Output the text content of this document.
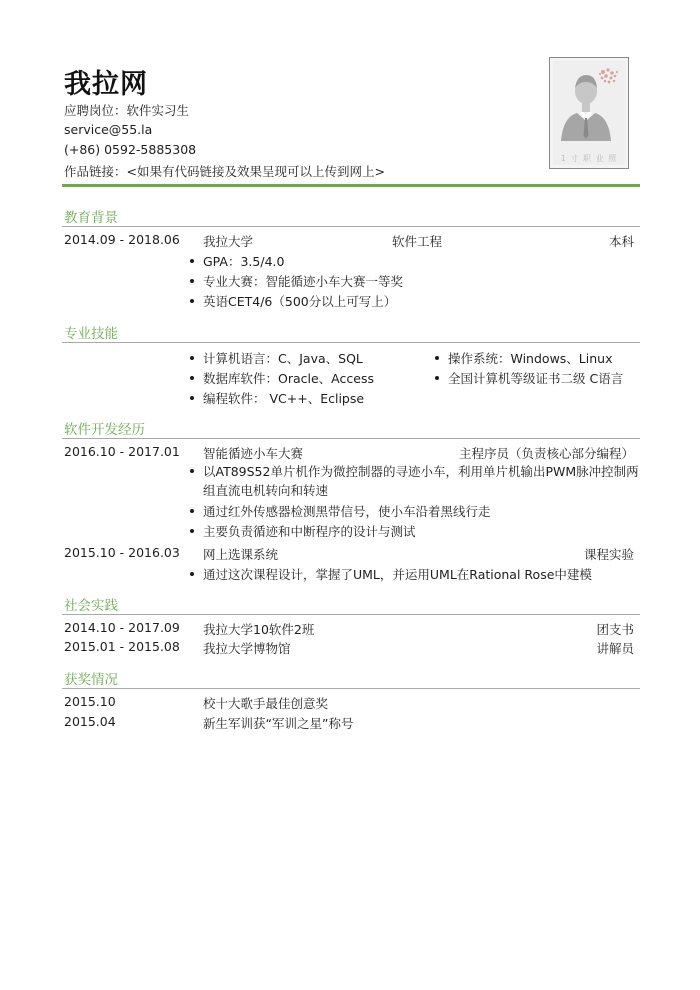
我拉网
应聘岗位：软件实习生
service@55.la
(+86) 0592-5885308
作品链接：<如果有代码链接及效果呈现可以上传到网上>
1 寸 职 业 照
教育背景
2014.09 - 2018.06 我拉大学	软件工程	本科
GPA：3.5/4.0
专业大赛：智能循迹小车大赛一等奖
英语CET4/6（500分以上可写上）
专业技能
计算机语言：C、Java、SQL
数据库软件：Oracle、Access
编程软件： VC++、Eclipse
操作系统：Windows、Linux
全国计算机等级证书二级 C语言
软件开发经历
2016.10 - 2017.01 智能循迹小车大赛	主程序员（负责核心部分编程）
以AT89S52单片机作为微控制器的寻迹小车，利用单片机输出PWM脉冲控制两组直流电机转向和转速
通过红外传感器检测黑带信号，使小车沿着黑线行走
主要负责循迹和中断程序的设计与测试
2015.10 - 2016.03 网上选课系统	课程实验
通过这次课程设计，掌握了UML，并运用UML在Rational Rose中建模
社会实践
2014.10 - 2017.09 我拉大学10软件2班	团支书
2015.01 - 2015.08 我拉大学博物馆	讲解员
获奖情况
2015.10	校十大歌手最佳创意奖
2015.04	新生军训获“军训之星”称号
